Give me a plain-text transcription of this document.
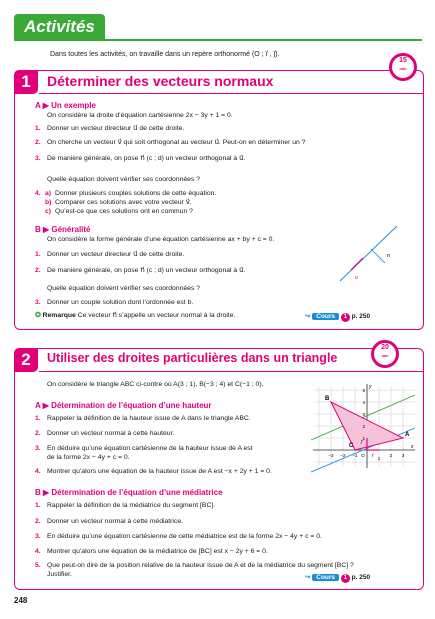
Activités
Dans toutes les activités, on travaille dans un repère orthonormé (O ; i⃗ , j⃗).
1	Déterminer des vecteurs normaux
15
min
A ▶ Un exemple
On considère la droite d’équation cartésienne 2x − 3y + 1 = 0.
1. Donner un vecteur directeur u⃗ de cette droite.
2. On cherche un vecteur v⃗ qui soit orthogonal au vecteur u⃗. Peut-on en déterminer un ?
3. De manière générale, on pose n⃗ (c ; d) un vecteur orthogonal à u⃗.
Quelle équation doivent vérifier ses coordonnées ?
4. a) Donner plusieurs couples solutions de cette équation.
b) Comparer ces solutions avec votre vecteur v⃗.
c) Qu’est-ce que ces solutions ont en commun ?
B ▶ Généralité
On considère la forme générale d’une équation cartésienne ax + by + c = 0.
1. Donner un vecteur directeur u⃗ de cette droite.
2. De manière générale, on pose n⃗ (c ; d) un vecteur orthogonal à u⃗.
Quelle équation doivent vérifier ses coordonnées ?
3. Donner un couple solution dont l’ordonnée est b.
✪ Remarque Ce vecteur n⃗ s’appelle un vecteur normal à la droite.	↪ Cours 1 p. 250
n⃗
u⃗
2	Utiliser des droites particulières dans un triangle
20
min
On considère le triangle ABC ci-contre où A(3 ; 1), B(−3 ; 4) et C(−1 ; 0).
A ▶ Détermination de l’équation d’une hauteur
1. Rappeler la définition de la hauteur issue de A dans le triangle ABC.
2. Donner un vecteur normal à cette hauteur.
3. En déduire qu’une équation cartésienne de la hauteur issue de A est
de la forme 2x − 4y + c = 0.
4. Montrer qu’alors une équation de la hauteur issue de A est −x + 2y + 1 = 0.
B ▶ Détermination de l’équation d’une médiatrice
1. Rappeler la définition de la médiatrice du segment [BC].
2. Donner un vecteur normal à cette médiatrice.
3. En déduire qu’une équation cartésienne de cette médiatrice est de la forme 2x − 4y + c = 0.
4. Montrer qu’alors une équation de la médiatrice de [BC] est x − 2y + 6 = 0.
5. Que peut-on dire de la position relative de la hauteur issue de A et de la médiatrice du segment [BC] ?
Justifier.	↪ Cours 1 p. 250
B
C
A
x
y
i⃗
j⃗
5
4
3
2
1
−3 −2 −1 O
1
2 3
248
